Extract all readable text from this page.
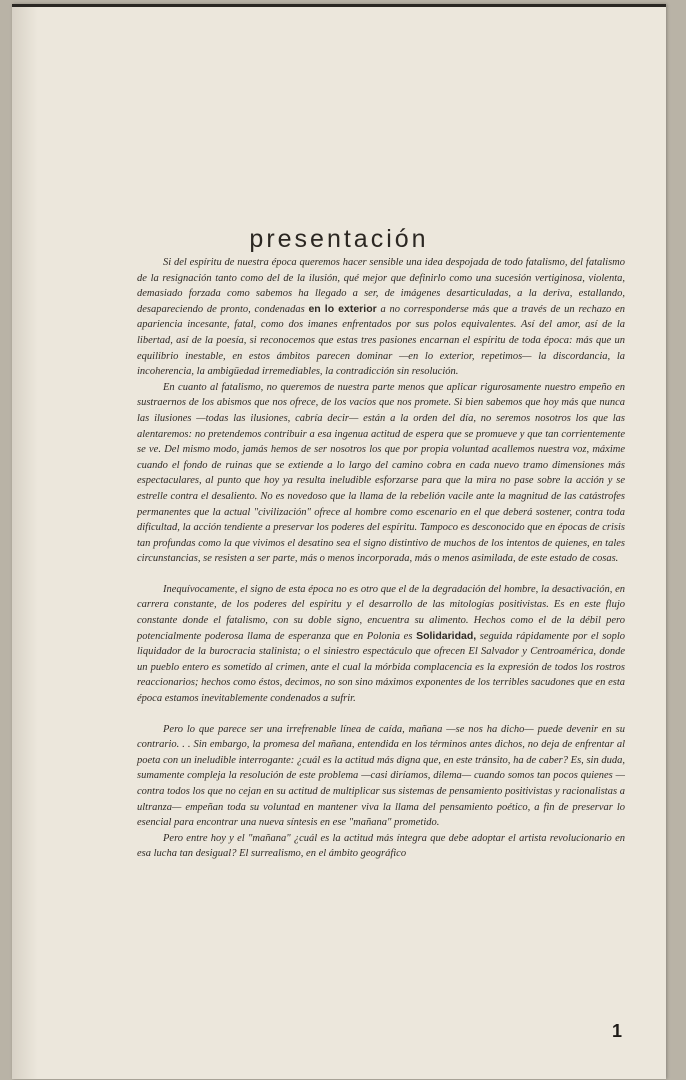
presentación

Si del espíritu de nuestra época queremos hacer sensible una idea despojada de todo fatalismo, del fatalismo de la resignación tanto como del de la ilusión, qué mejor que definirlo como una sucesión vertiginosa, violenta, demasiado forzada como sabemos ha llegado a ser, de imágenes desarticuladas, a la deriva, estallando, desapareciendo de pronto, condenadas en lo exterior a no corresponderse más que a través de un rechazo en apariencia incesante, fatal, como dos imanes enfrentados por sus polos equivalentes. Así del amor, así de la libertad, así de la poesía, si reconocemos que estas tres pasiones encarnan el espíritu de toda época: más que un equilibrio inestable, en estos ámbitos parecen dominar —en lo exterior, repetimos— la discordancia, la incoherencia, la ambigüedad irremediables, la contradicción sin resolución.

En cuanto al fatalismo, no queremos de nuestra parte menos que aplicar rigurosamente nuestro empeño en sustraernos de los abismos que nos ofrece, de los vacíos que nos promete. Si bien sabemos que hoy más que nunca las ilusiones —todas las ilusiones, cabría decir— están a la orden del día, no seremos nosotros los que las alentaremos: no pretendemos contribuir a esa ingenua actitud de espera que se promueve y que tan corrientemente se ve. Del mismo modo, jamás hemos de ser nosotros los que por propia voluntad acallemos nuestra voz, máxime cuando el fondo de ruinas que se extiende a lo largo del camino cobra en cada nuevo tramo dimensiones más espectaculares, al punto que hoy ya resulta ineludible esforzarse para que la mira no pase sobre la acción y se estrelle contra el desaliento. No es novedoso que la llama de la rebelión vacile ante la magnitud de las catástrofes permanentes que la actual "civilización" ofrece al hombre como escenario en el que deberá sostener, contra toda dificultad, la acción tendiente a preservar los poderes del espíritu. Tampoco es desconocido que en épocas de crisis tan profundas como la que vivimos el desatino sea el signo distintivo de muchos de los intentos de quienes, en tales circunstancias, se resisten a ser parte, más o menos incorporada, más o menos asimilada, de este estado de cosas.

Inequívocamente, el signo de esta época no es otro que el de la degradación del hombre, la desactivación, en carrera constante, de los poderes del espíritu y el desarrollo de las mitologías positivistas. Es en este flujo constante donde el fatalismo, con su doble signo, encuentra su alimento. Hechos como el de la débil pero potencialmente poderosa llama de esperanza que en Polonia es Solidaridad, seguida rápidamente por el soplo liquidador de la burocracia stalinista; o el siniestro espectáculo que ofrecen El Salvador y Centroamérica, donde un pueblo entero es sometido al crimen, ante el cual la mórbida complacencia es la expresión de todos los rostros reaccionarios; hechos como éstos, decimos, no son sino máximos exponentes de los terribles sacudones que en esta época estamos inevitablemente condenados a sufrir.

Pero lo que parece ser una irrefrenable línea de caída, mañana —se nos ha dicho— puede devenir en su contrario. . . Sin embargo, la promesa del mañana, entendida en los términos antes dichos, no deja de enfrentar al poeta con un ineludible interrogante: ¿cuál es la actitud más digna que, en este tránsito, ha de caber? Es, sin duda, sumamente compleja la resolución de este problema —casi diríamos, dilema— cuando somos tan pocos quienes —contra todos los que no cejan en su actitud de multiplicar sus sistemas de pensamiento positivistas y racionalistas a ultranza— empeñan toda su voluntad en mantener viva la llama del pensamiento poético, a fin de preservar lo esencial para encontrar una nueva síntesis en ese "mañana" prometido.

Pero entre hoy y el "mañana" ¿cuál es la actitud más íntegra que debe adoptar el artista revolucionario en esa lucha tan desigual? El surrealismo, en el ámbito geográfico

1
